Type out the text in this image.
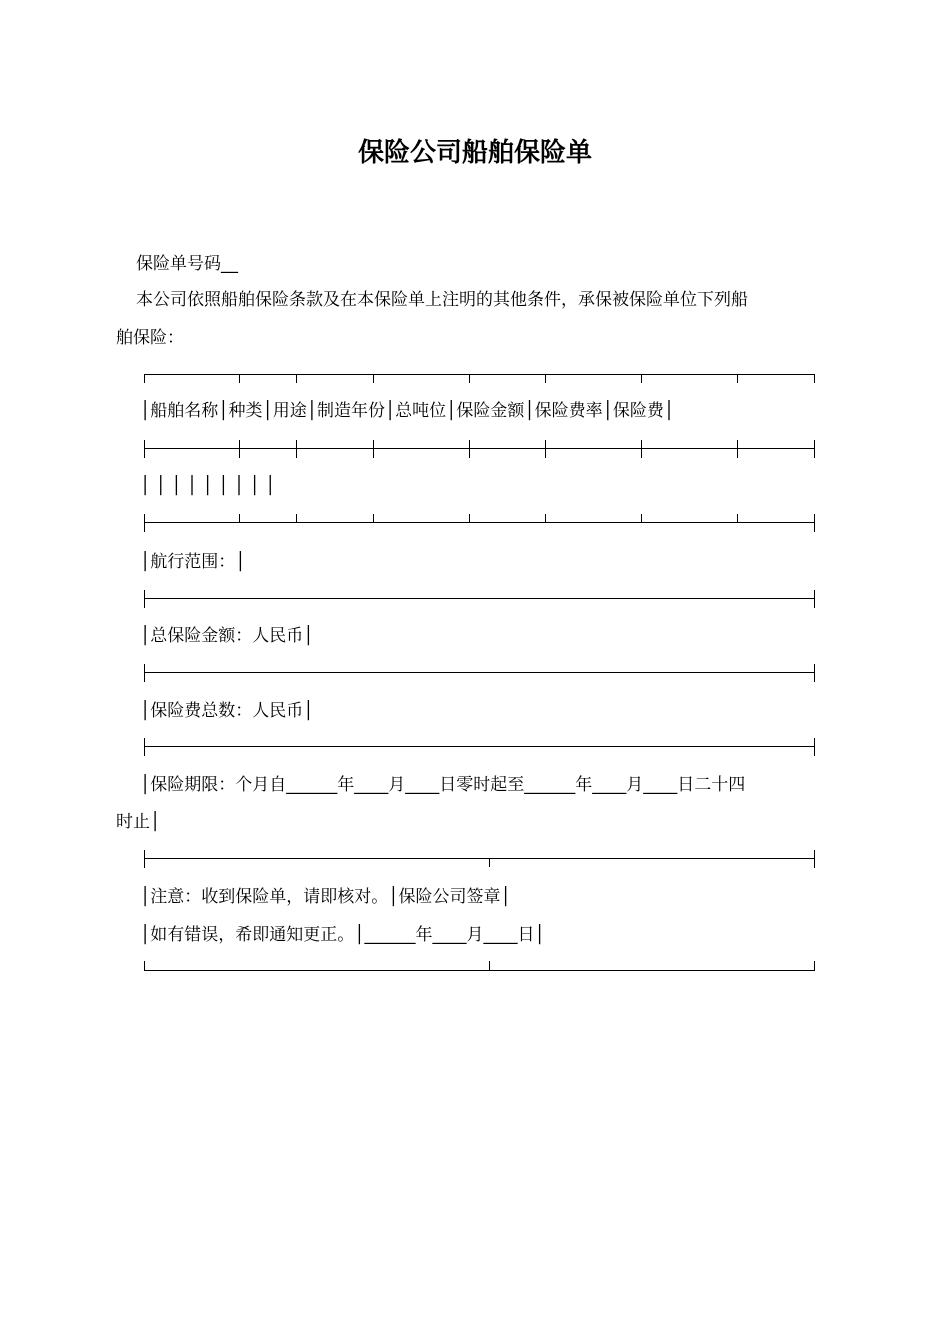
保险公司船舶保险单
保险单号码__
本公司依照船舶保险条款及在本保险单上注明的其他条件，承保被保险单位下列船
舶保险：
│船舶名称│种类│用途│制造年份│总吨位│保险金额│保险费率│保险费│
│ │ │ │ │ │ │ │ │
│航行范围：│
│总保险金额：人民币│
│保险费总数：人民币│
│保险期限：个月自______年____月____日零时起至______年____月____日二十四
时止│
│注意：收到保险单，请即核对。│保险公司签章│
│如有错误，希即通知更正。│______年____月____日│
